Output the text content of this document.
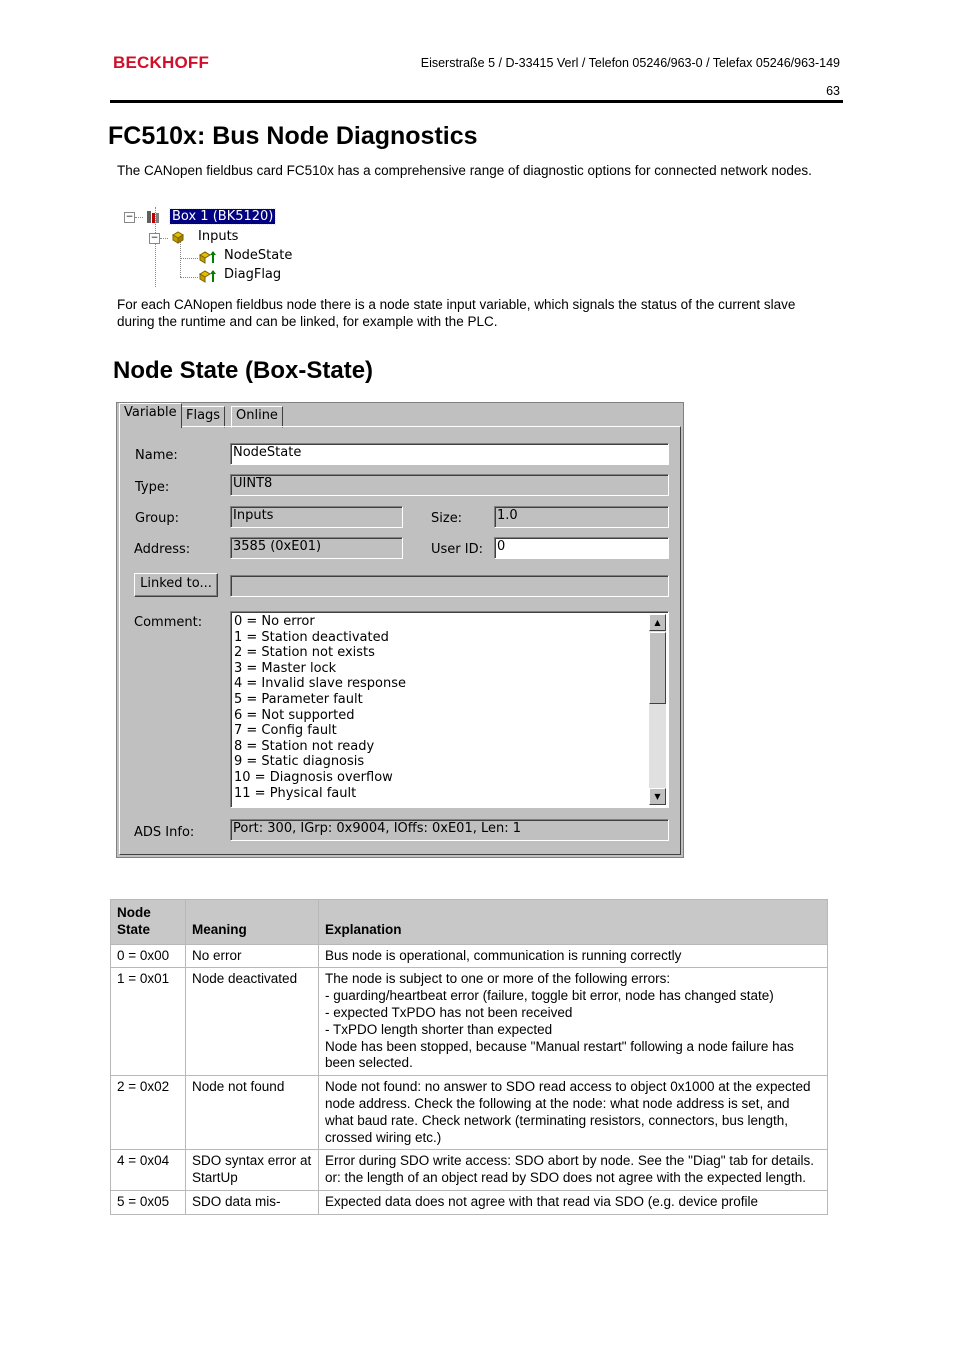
BECKHOFF	Eiserstraße 5 / D-33415 Verl / Telefon 05246/963-0 / Telefax 05246/963-149
63
FC510x: Bus Node Diagnostics
The CANopen fieldbus card FC510x has a comprehensive range of diagnostic options for connected network nodes.
−	Box 1 (BK5120)
−	Inputs
NodeState
DiagFlag
For each CANopen fieldbus node there is a node state input variable, which signals the status of the current slave during the runtime and can be linked, for example with the PLC.
Node State (Box-State)
Variable Flags	Online
Name:	NodeState
Type:	UINT8
Group:	Inputs	Size:	1.0
Address:	3585 (0xE01)	User ID: 0
Linked to...
Comment: 0 = No error
1 = Station deactivated
2 = Station not exists
3 = Master lock
4 = Invalid slave response
5 = Parameter fault
6 = Not supported
7 = Config fault
8 = Station not ready
9 = Static diagnosis
10 = Diagnosis overflow
11 = Physical fault
▲
▼
ADS Info:	Port: 300, IGrp: 0x9004, IOffs: 0xE01, Len: 1
Node
State	Meaning	Explanation
0 = 0x00	No error	Bus node is operational, communication is running correctly

1 = 0x01	Node deactivated	The node is subject to one or more of the following errors:
- guarding/heartbeat error (failure, toggle bit error, node has changed state)
- expected TxPDO has not been received
- TxPDO length shorter than expected
Node has been stopped, because "Manual restart" following a node failure has been selected.

2 = 0x02	Node not found	Node not found: no answer to SDO read access to object 0x1000 at the expected node address. Check the following at the node: what node address is set, and what baud rate. Check network (terminating resistors, connectors, bus length, crossed wiring etc.)

4 = 0x04	SDO syntax error at StartUp	Error during SDO write access: SDO abort by node. See the "Diag" tab for details.
or: the length of an object read by SDO does not agree with the expected length.

5 = 0x05	SDO data mis-	Expected data does not agree with that read via SDO (e.g. device profile
